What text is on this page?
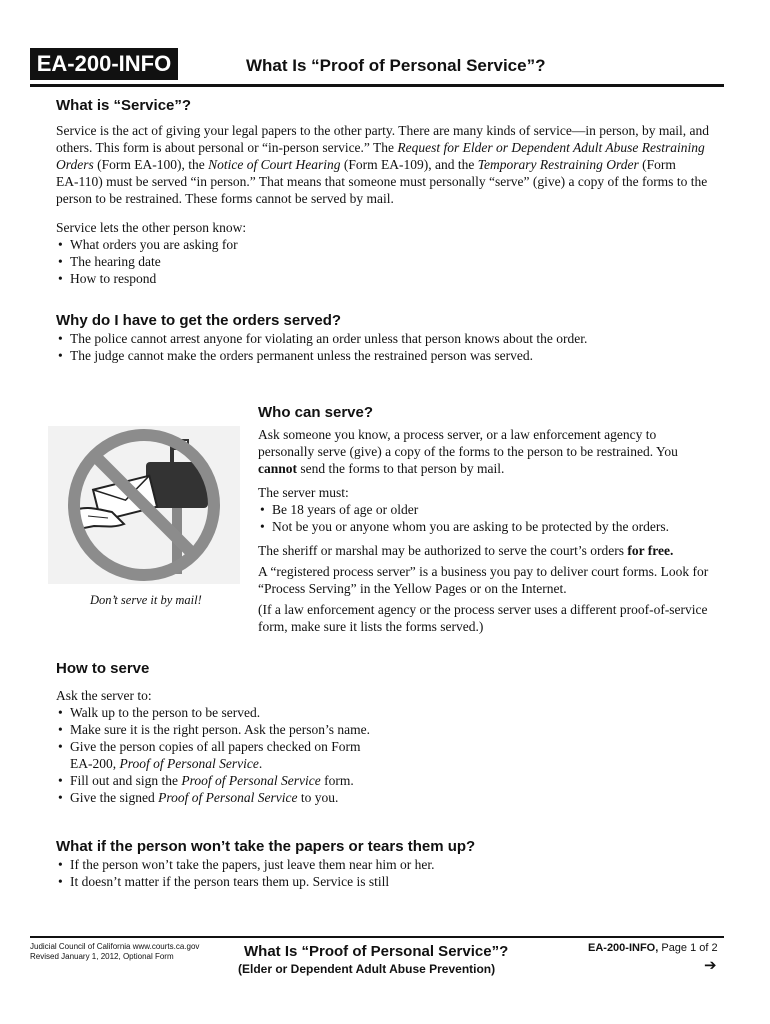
EA-200-INFO	What Is “Proof of Personal Service”?
What is “Service”?
Service is the act of giving your legal papers to the other party. There are many kinds of service—in person, by mail, and
others. This form is about personal or “in-person service.” The Request for Elder or Dependent Adult Abuse Restraining
Orders (Form EA-100), the Notice of Court Hearing (Form EA-109), and the Temporary Restraining Order (Form
EA-110) must be served “in person.” That means that someone must personally “serve” (give) a copy of the forms to the
person to be restrained. These forms cannot be served by mail.
Service lets the other person know:
• What orders you are asking for
• The hearing date
• How to respond
Why do I have to get the orders served?
• The police cannot arrest anyone for violating an order unless that person knows about the order.
• The judge cannot make the orders permanent unless the restrained person was served.
Don’t serve it by mail!
Who can serve?
Ask someone you know, a process server, or a law enforcement agency to
personally serve (give) a copy of the forms to the person to be restrained. You
cannot send the forms to that person by mail.
The server must:
• Be 18 years of age or older
• Not be you or anyone whom you are asking to be protected by the orders.
The sheriff or marshal may be authorized to serve the court’s orders for free.
A “registered process server” is a business you pay to deliver court forms. Look for
“Process Serving” in the Yellow Pages or on the Internet.
(If a law enforcement agency or the process server uses a different proof-of-service
form, make sure it lists the forms served.)
How to serve
Ask the server to:
• Walk up to the person to be served.
• Make sure it is the right person. Ask the person’s name.
• Give the person copies of all papers checked on Form
EA-200, Proof of Personal Service.
• Fill out and sign the Proof of Personal Service form.
• Give the signed Proof of Personal Service to you.
What if the person won’t take the papers or tears them up?
• If the person won’t take the papers, just leave them near him or her.
• It doesn’t matter if the person tears them up. Service is still
Judicial Council of California www.courts.ca.gov
Revised January 1, 2012, Optional Form	What Is “Proof of Personal Service”?
(Elder or Dependent Adult Abuse Prevention)
EA-200-INFO, Page 1 of 2
➔
